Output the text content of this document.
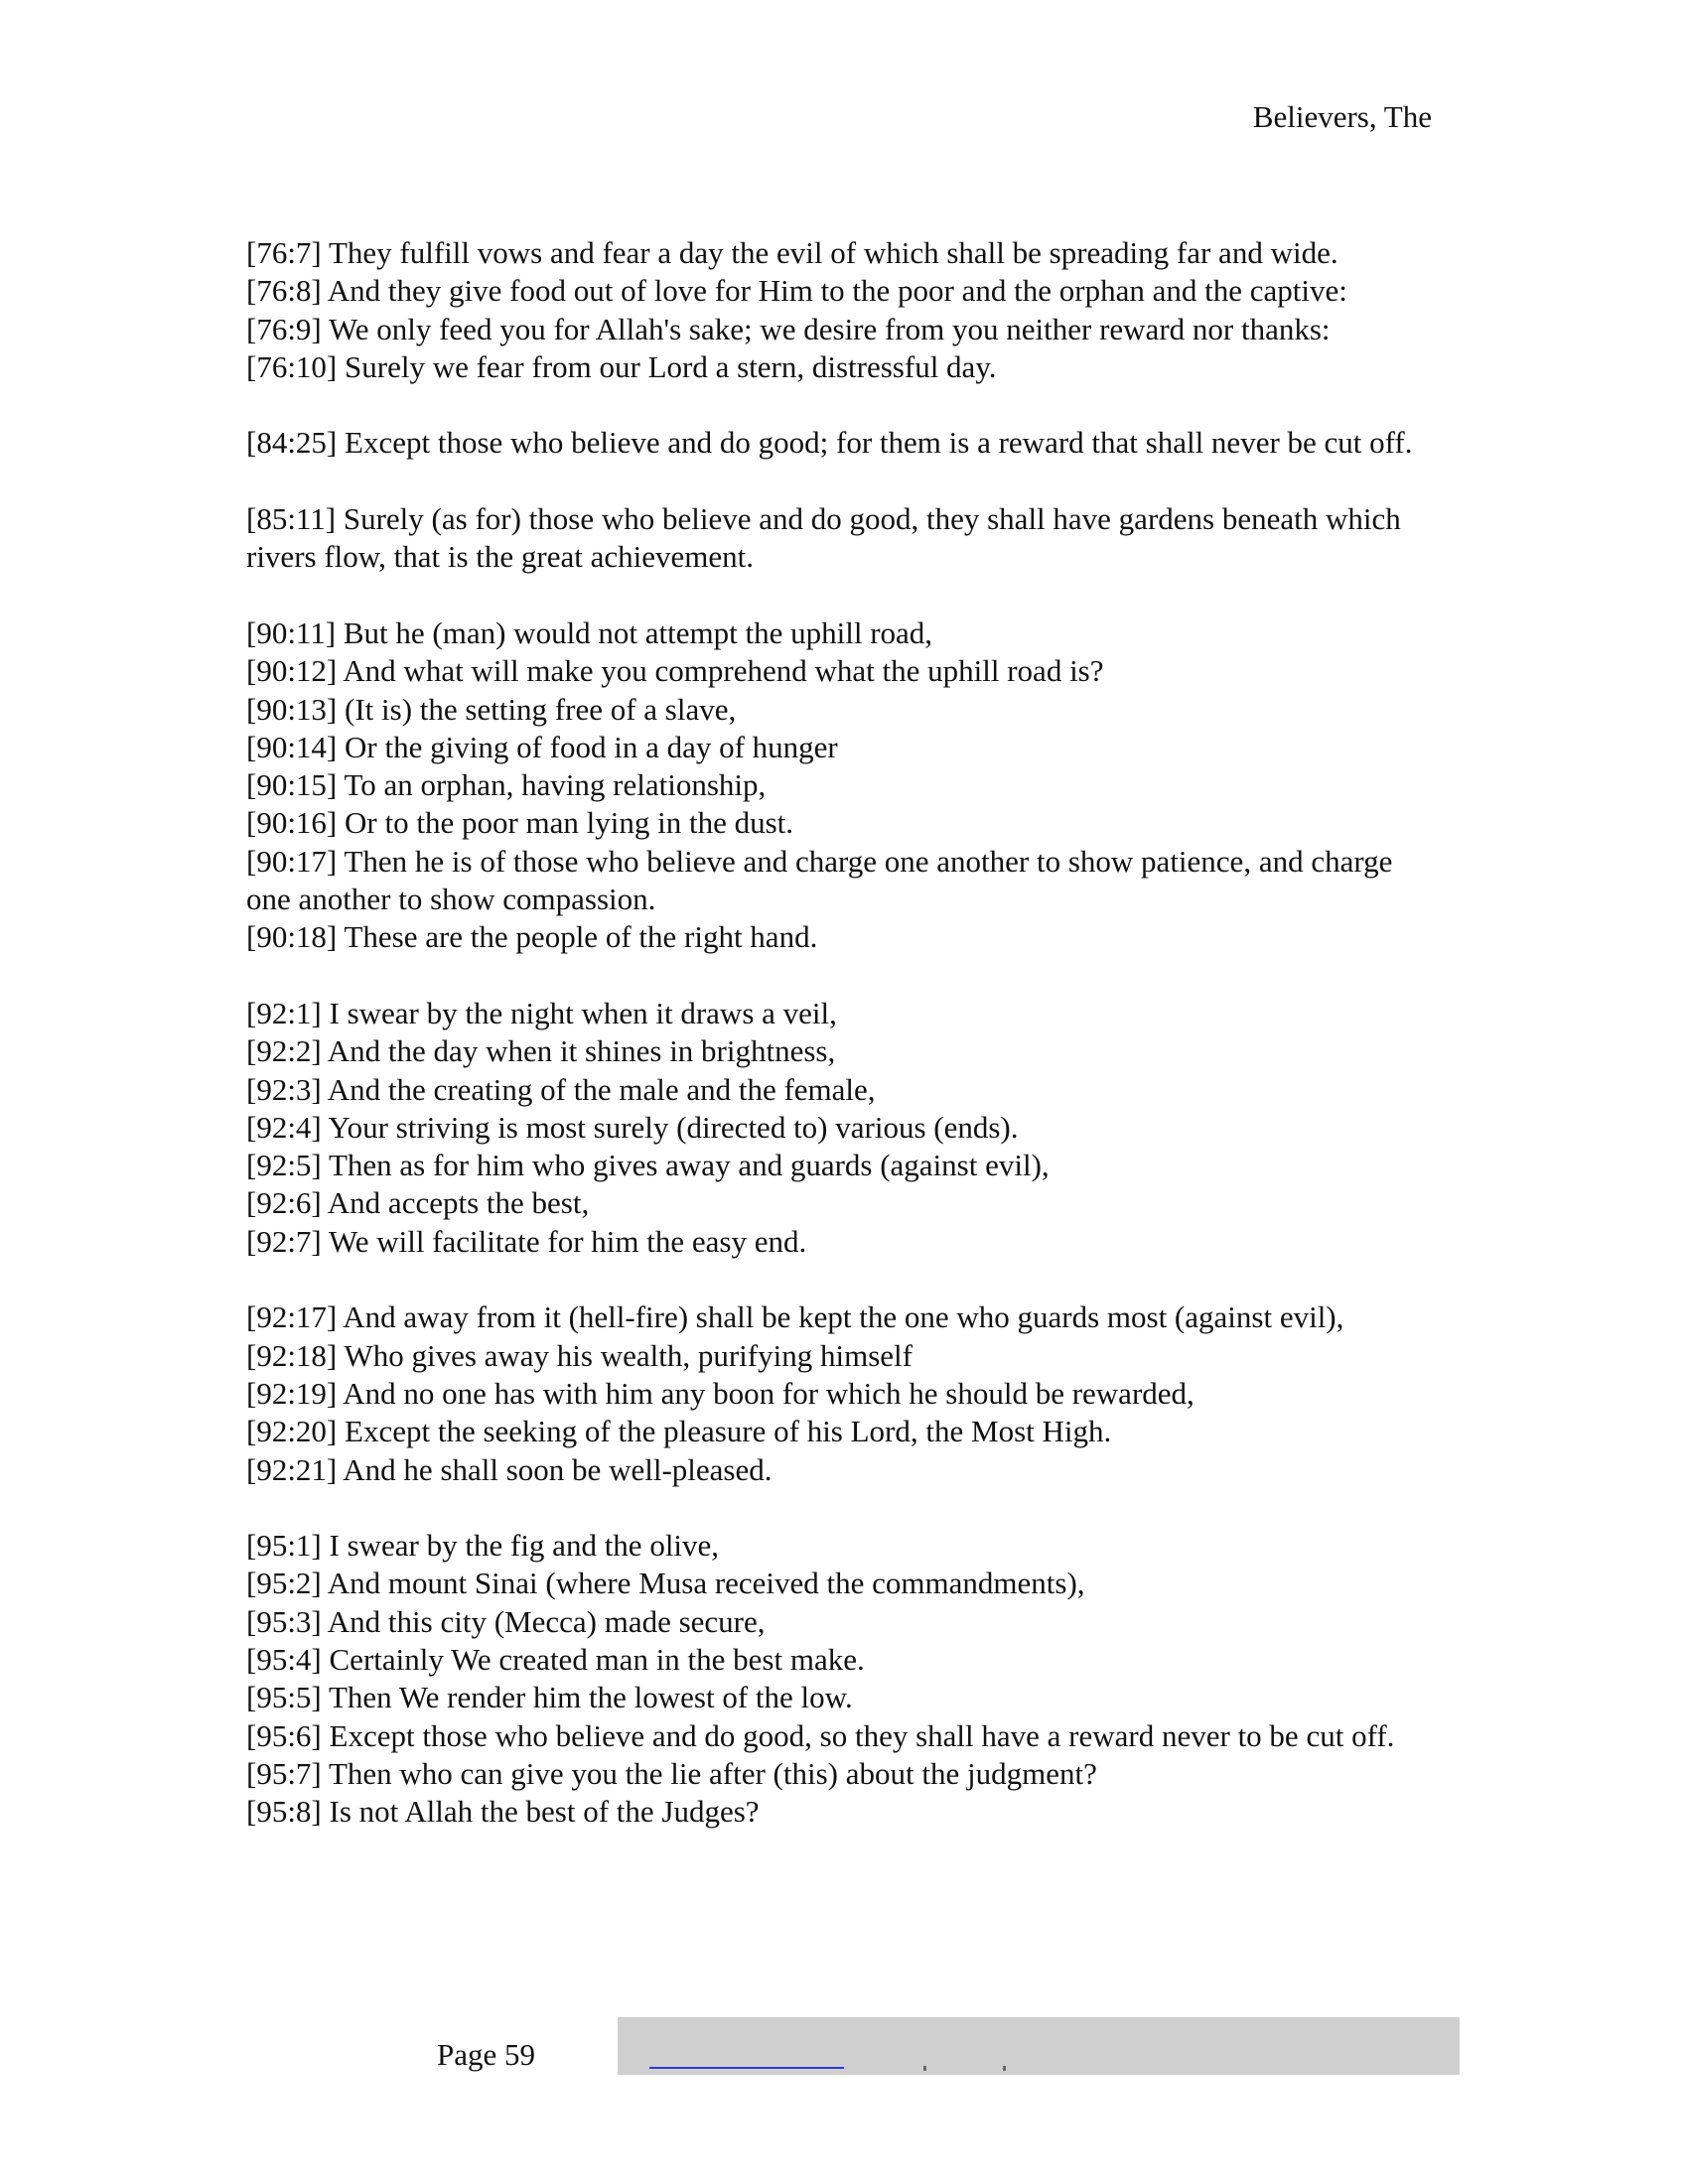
Believers, The
[76:7] They fulfill vows and fear a day the evil of which shall be spreading far and wide.
[76:8] And they give food out of love for Him to the poor and the orphan and the captive:
[76:9] We only feed you for Allah's sake; we desire from you neither reward nor thanks:
[76:10] Surely we fear from our Lord a stern, distressful day.
[84:25] Except those who believe and do good; for them is a reward that shall never be cut off.
[85:11] Surely (as for) those who believe and do good, they shall have gardens beneath which rivers flow, that is the great achievement.
[90:11] But he (man) would not attempt the uphill road,
[90:12] And what will make you comprehend what the uphill road is?
[90:13] (It is) the setting free of a slave,
[90:14] Or the giving of food in a day of hunger
[90:15] To an orphan, having relationship,
[90:16] Or to the poor man lying in the dust.
[90:17] Then he is of those who believe and charge one another to show patience, and charge one another to show compassion.
[90:18] These are the people of the right hand.
[92:1] I swear by the night when it draws a veil,
[92:2] And the day when it shines in brightness,
[92:3] And the creating of the male and the female,
[92:4] Your striving is most surely (directed to) various (ends).
[92:5] Then as for him who gives away and guards (against evil),
[92:6] And accepts the best,
[92:7] We will facilitate for him the easy end.
[92:17] And away from it (hell-fire) shall be kept the one who guards most (against evil),
[92:18] Who gives away his wealth, purifying himself
[92:19] And no one has with him any boon for which he should be rewarded,
[92:20] Except the seeking of the pleasure of his Lord, the Most High.
[92:21] And he shall soon be well-pleased.
[95:1] I swear by the fig and the olive,
[95:2] And mount Sinai (where Musa received the commandments),
[95:3] And this city (Mecca) made secure,
[95:4] Certainly We created man in the best make.
[95:5] Then We render him the lowest of the low.
[95:6] Except those who believe and do good, so they shall have a reward never to be cut off.
[95:7] Then who can give you the lie after (this) about the judgment?
[95:8] Is not Allah the best of the Judges?
Page 59
